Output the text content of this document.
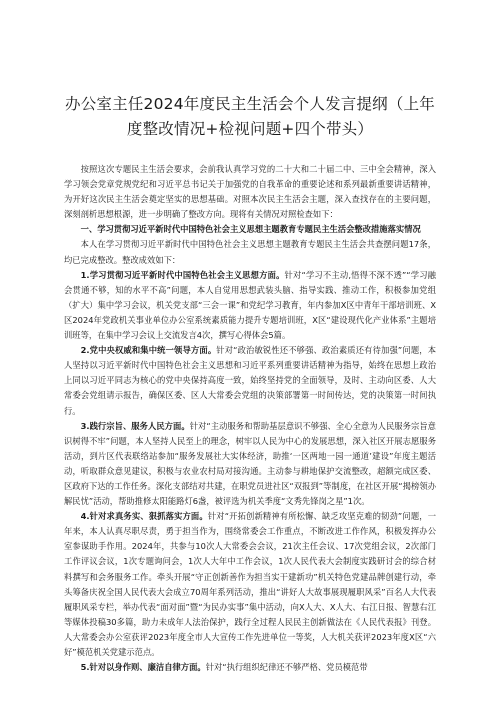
办公室主任2024年度民主生活会个人发言提纲（上年度整改情况+检视问题+四个带头）

按照这次专题民主生活会要求，会前我认真学习党的二十大和二十届二中、三中全会精神，深入学习领会党章党规党纪和习近平总书记关于加强党的自我革命的重要论述和系列最新重要讲话精神，为开好这次民主生活会奠定坚实的思想基础。对照本次民主生活会主题，深入查找存在的主要问题，深刻剖析思想根源，进一步明确了整改方向。现将有关情况对照检查如下：

一、学习贯彻习近平新时代中国特色社会主义思想主题教育专题民主生活会整改措施落实情况

本人在学习贯彻习近平新时代中国特色社会主义思想主题教育专题民主生活会共查摆问题17条，均已完成整改。整改成效如下：

1.学习贯彻习近平新时代中国特色社会主义思想方面。针对“学习不主动,悟得不深不透”“学习融会贯通不够，知的水平不高”问题，本人自觉用思想武装头脑、指导实践、推动工作，积极参加党组（扩大）集中学习会议，机关党支部“三会一课”和党纪学习教育，年内参加X区中青年干部培训班、X区2024年党政机关事业单位办公室系统素质能力提升专题培训班，X区“建设现代化产业体系”主题培训班等，在集中学习会议上交流发言4次，撰写心得体会5篇。

2.党中央权威和集中统一领导方面。针对“政治敏锐性还不够强、政治素质还有待加强”问题，本人坚持以习近平新时代中国特色社会主义思想和习近平系列重要讲话精神为指导，始终在思想上政治上同以习近平同志为核心的党中央保持高度一致，始终坚持党的全面领导，及时、主动向区委、人大常委会党组请示报告，确保区委、区人大常委会党组的决策部署第一时间传达，党的决策第一时间执行。

3.践行宗旨、服务人民方面。针对“主动服务和帮助基层意识不够强、全心全意为人民服务宗旨意识树得不牢”问题，本人坚持人民至上的理念，树牢以人民为中心的发展思想，深入社区开展志愿服务活动，到片区代表联络站参加“服务发展社大实体经济，助推‘一区两地一园一通道’建设”年度主题活动，听取群众意见建议，积极与农业农村局对接沟通。主动参与耕地保护交流整改，超额完成区委、区政府下达的工作任务。深化支部结对共建，在职党员进社区“双报到”等制度，在社区开展“揭榜领办解民忧”活动，帮助推修太阳能路灯6盏，被评选为机关季度“文秀先锋岗之星”1次。

4.针对求真务实、狠抓落实方面。针对“开拓创新精神有所松懈、缺乏攻坚克难的韧劲”问题，一年来，本人认真尽职尽责，勇于担当作为，围绕常委会工作重点，不断改进工作作风，积极发挥办公室参谋助手作用。2024年，共参与10次人大常委会会议，21次主任会议、17次党组会议，2次部门工作评议会议，1次专题询问会，1次人大年中工作会议，1次人民代表大会制度实践研讨会的综合材料撰写和会务服务工作。牵头开展“守正创新善作为担当实干建新功”机关特色党建品牌创建行动，牵头筹备庆祝全国人民代表大会成立70周年系列活动，推出“讲好人大故事展现履职风采”百名人大代表履职风采专栏，举办代表“面对面”暨“为民办实事”集中活动，向X人大、X人大、右江日报、智慧右江等媒体投稿30多篇，助力未成年人法治保护，践行全过程人民民主创新做法在《人民代表报》刊登。人大常委会办公室获评2023年度全市人大宣传工作先进单位一等奖，人大机关获评2023年度X区“六好”模范机关党建示范点。

5.针对以身作则、廉洁自律方面。针对“执行组织纪律还不够严格、党员模范带
